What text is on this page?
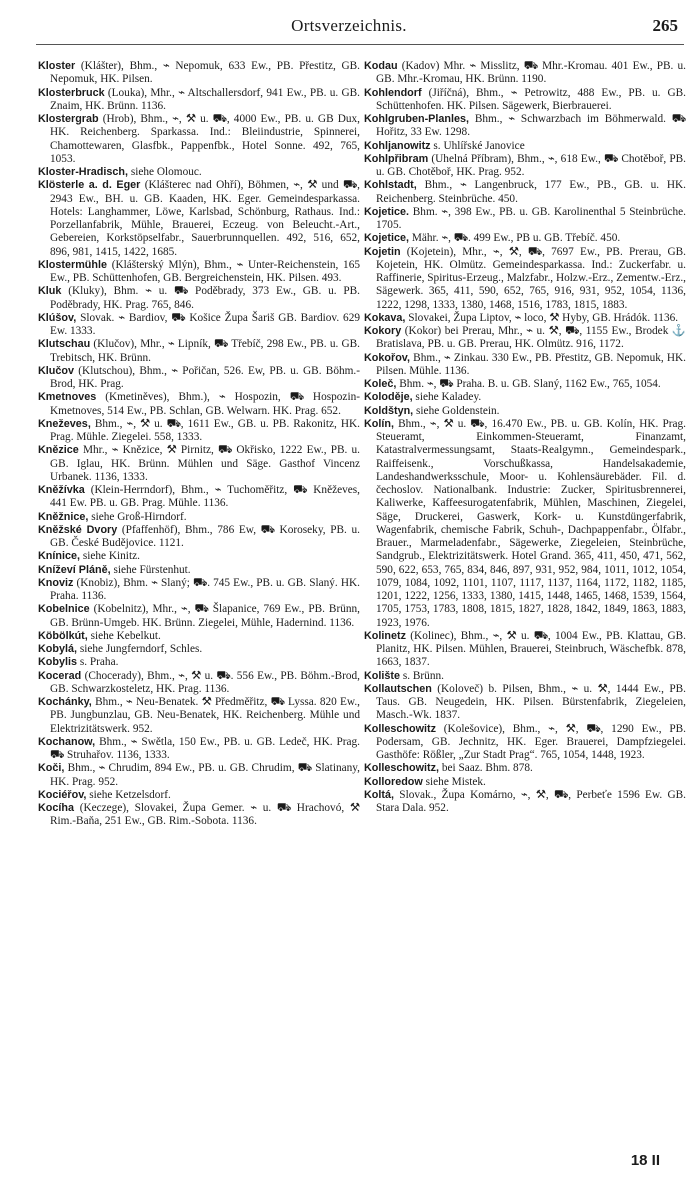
Ortsverzeichnis.	265
Kloster (Klášter), Bhm., ⌁ Nepomuk, 633 Ew., PB. Přestitz, GB. Nepomuk, HK. Pilsen.
Klosterbruck (Louka), Mhr., ⌁ Altschallersdorf, 941 Ew., PB. u. GB. Znaim, HK. Brünn. 1136.
Klostergrab (Hrob), Bhm., ⌁, ⚒ u. ⛟, 4000 Ew., PB. u. GB Dux, HK. Reichenberg. Sparkassa. Ind.: Bleiindustrie, Spinnerei, Chamottewaren, Glasfbk., Pappenfbk., Hotel Sonne. 492, 765, 1053.
Kloster-Hradisch, siehe Olomouc.
Klösterle a. d. Eger (Klášterec nad Ohří), Böhmen, ⌁, ⚒ und ⛟, 2943 Ew., BH. u. GB. Kaaden, HK. Eger. Gemeindesparkassa. Hotels: Langhammer, Löwe, Karlsbad, Schönburg, Rathaus. Ind.: Porzellanfabrik, Mühle, Brauerei, Eczeug. von Beleucht.-Art., Gebereien, Korkstöpselfabr., Sauerbrunnquellen. 492, 516, 652, 896, 981, 1415, 1422, 1685.
Klostermühle (Klášterský Mlýn), Bhm., ⌁ Unter-Reichenstein, 165 Ew., PB. Schüttenhofen, GB. Bergreichenstein, HK. Pilsen. 493.
Kluk (Kluky), Bhm. ⌁ u. ⛟ Poděbrady, 373 Ew., GB. u. PB. Poděbrady, HK. Prag. 765, 846.
Klúšov, Slovak. ⌁ Bardiov, ⛟ Košice Župa Šariš GB. Bardiov. 629 Ew. 1333.
Klutschau (Klučov), Mhr., ⌁ Lipník, ⛟ Třebíč, 298 Ew., PB. u. GB. Trebitsch, HK. Brünn.
Klučov (Klutschou), Bhm., ⌁ Pořičan, 526. Ew, PB. u. GB. Böhm.-Brod, HK. Prag.
Kmetnoves (Kmetiněves), Bhm.), ⌁ Hospozin, ⛟ Hospozin-Kmetnoves, 514 Ew., PB. Schlan, GB. Welwarn. HK. Prag. 652.
Kneževes, Bhm., ⌁, ⚒ u. ⛟, 1611 Ew., GB. u. PB. Rakonitz, HK. Prag. Mühle. Ziegelei. 558, 1333.
Knězice Mhr., ⌁ Knězice, ⚒ Pirnitz, ⛟ Okřisko, 1222 Ew., PB. u. GB. Iglau, HK. Brünn. Mühlen und Säge. Gasthof Vincenz Urbanek. 1136, 1333.
Kněžívka (Klein-Herrndorf), Bhm., ⌁ Tuchoměřitz, ⛟ Kněževes, 441 Ew. PB. u. GB. Prag. Mühle. 1136.
Kněžnice, siehe Groß-Hirndorf.
Kněžské Dvory (Pfaffenhöf), Bhm., 786 Ew, ⛟ Koroseky, PB. u. GB. České Budějovice. 1121.
Knínice, siehe Kinitz.
Kníževí Pláně, siehe Fürstenhut.
Knoviz (Knobiz), Bhm. ⌁ Slaný; ⛟. 745 Ew., PB. u. GB. Slaný. HK. Praha. 1136.
Kobelnice (Kobelnitz), Mhr., ⌁, ⛟ Šlapanice, 769 Ew., PB. Brünn, GB. Brünn-Umgeb. HK. Brünn. Ziegelei, Mühle, Hadernind. 1136.
Köbölkút, siehe Kebelkut.
Kobylá, siehe Jungferndorf, Schles.
Kobylis s. Praha.
Kocerad (Choceradу), Bhm., ⌁, ⚒ u. ⛟. 556 Ew., PB. Böhm.-Brod, GB. Schwarzkosteletz, HK. Prag. 1136.
Kochánky, Bhm., ⌁ Neu-Benatek. ⚒ Předměřitz, ⛟ Lyssa. 820 Ew., PB. Jungbunzlau, GB. Neu-Benatek, HK. Reichenberg. Mühle und Elektrizitätswerk. 952.
Kochanow, Bhm., ⌁ Swětla, 150 Ew., PB. u. GB. Ledeč, HK. Prag. ⛟ Struhařov. 1136, 1333.
Koči, Bhm., ⌁ Chrudim, 894 Ew., PB. u. GB. Chrudim, ⛟ Slatinany, HK. Prag. 952.
Kociéřov, siehe Ketzelsdorf.
Kocíha (Keczege), Slovakei, Župa Gemer. ⌁ u. ⛟ Hrachovó, ⚒ Rim.-Baňa, 251 Ew., GB. Rim.-Sobota. 1136.
Kodau (Kadov) Mhr. ⌁ Misslitz, ⛟ Mhr.-Kromau. 401 Ew., PB. u. GB. Mhr.-Kromau, HK. Brünn. 1190.
Kohlendorf (Jiříčná), Bhm., ⌁ Petrowitz, 488 Ew., PB. u. GB. Schüttenhofen. HK. Pilsen. Sägewerk, Bierbrauerei.
Kohlgruben-Planles, Bhm., ⌁ Schwarzbach im Böhmerwald. ⛟ Hořitz, 33 Ew. 1298.
Kohljanowitz s. Uhlířské Janovice
Kohlpřibram (Uhelná Příbram), Bhm., ⌁, 618 Ew., ⛟ Chotěboř, PB. u. GB. Chotěboř, HK. Prag. 952.
Kohlstadt, Bhm., ⌁ Langenbruck, 177 Ew., PB., GB. u. HK. Reichenberg. Steinbrüche. 450.
Kojetice. Bhm. ⌁, 398 Ew., PB. u. GB. Karolinenthal 5 Steinbrüche. 1705.
Kojetice, Mähr. ⌁, ⛟. 499 Ew., PB u. GB. Třebíč. 450.
Kojetin (Kojetein), Mhr., ⌁, ⚒, ⛟, 7697 Ew., PB. Prerau, GB. Kojetein, HK. Olmütz. Gemeindesparkassa. Ind.: Zuckerfabr. u. Raffinerie, Spiritus-Erzeug., Malzfabr., Holzw.-Erz., Zementw.-Erz., Sägewerk. 365, 411, 590, 652, 765, 916, 931, 952, 1054, 1136, 1222, 1298, 1333, 1380, 1468, 1516, 1783, 1815, 1883.
Kokava, Slovakei, Župa Liptov, ⌁ loco, ⚒ Hyby, GB. Hrádók. 1136.
Kokory (Kokor) bei Prerau, Mhr., ⌁ u. ⚒, ⛟, 1155 Ew., Brodek ⚓ Bratislava, PB. u. GB. Prerau, HK. Olmütz. 916, 1172.
Kokořov, Bhm., ⌁ Zinkau. 330 Ew., PB. Přestitz, GB. Nepomuk, HK. Pilsen. Mühle. 1136.
Koleč, Bhm. ⌁, ⛟ Praha. B. u. GB. Slaný, 1162 Ew., 765, 1054.
Kolodějе, siehe Kaladey.
Koldštyn, siehe Goldenstein.
Kolín, Bhm., ⌁, ⚒ u. ⛟, 16.470 Ew., PB. u. GB. Kolín, HK. Prag. Steueramt, Einkommen-Steueramt, Finanzamt, Katastralvermessungsamt, Staats-Realgymn., Gemeindespark., Raiffeisenk., Vorschußkassa, Handelsakademie, Landeshandwerksschule, Moor- u. Kohlensäurebäder. Fil. d. čechoslov. Nationalbank. Industrie: Zucker, Spiritusbrennerei, Kaliwerke, Kaffeesurogatenfabrik, Mühlen, Maschinen, Ziegelei, Säge, Druckerei, Gaswerk, Kork- u. Kunstdüngerfabrik, Wagenfabrik, chemische Fabrik, Schuh-, Dachpappenfabr., Ölfabr., Brauer., Marmeladenfabr., Sägewerke, Ziegeleien, Steinbrüche, Sandgrub., Elektrizitätswerk. Hotel Grand. 365, 411, 450, 471, 562, 590, 622, 653, 765, 834, 846, 897, 931, 952, 984, 1011, 1012, 1054, 1079, 1084, 1092, 1101, 1107, 1117, 1137, 1164, 1172, 1182, 1185, 1201, 1222, 1256, 1333, 1380, 1415, 1448, 1465, 1468, 1539, 1564, 1705, 1753, 1783, 1808, 1815, 1827, 1828, 1842, 1849, 1863, 1883, 1923, 1976.
Kolinetz (Kolinec), Bhm., ⌁, ⚒ u. ⛟, 1004 Ew., PB. Klattau, GB. Planitz, HK. Pilsen. Mühlen, Brauerei, Steinbruch, Wäschefbk. 878, 1663, 1837.
Kolište s. Brünn.
Kollautschen (Kolоveč) b. Pilsen, Bhm., ⌁ u. ⚒, 1444 Ew., PB. Taus. GB. Neugedein, HK. Pilsen. Bürstenfabrik, Ziegeleien, Masch.-Wk. 1837.
Kolleschowitz (Kolešovice), Bhm., ⌁, ⚒, ⛟, 1290 Ew., PB. Podersam, GB. Jechnitz, HK. Eger. Brauerei, Dampfziegelei. Gasthöfe: Rößler, „Zur Stadt Prag“. 765, 1054, 1448, 1923.
Kolleschowitz, bei Saaz. Bhm. 878.
Kolloredow siehe Mistek.
Koltá, Slovak., Župa Komárno, ⌁, ⚒, ⛟, Perbeťe 1596 Ew. GB. Stara Dala. 952.
18 II
